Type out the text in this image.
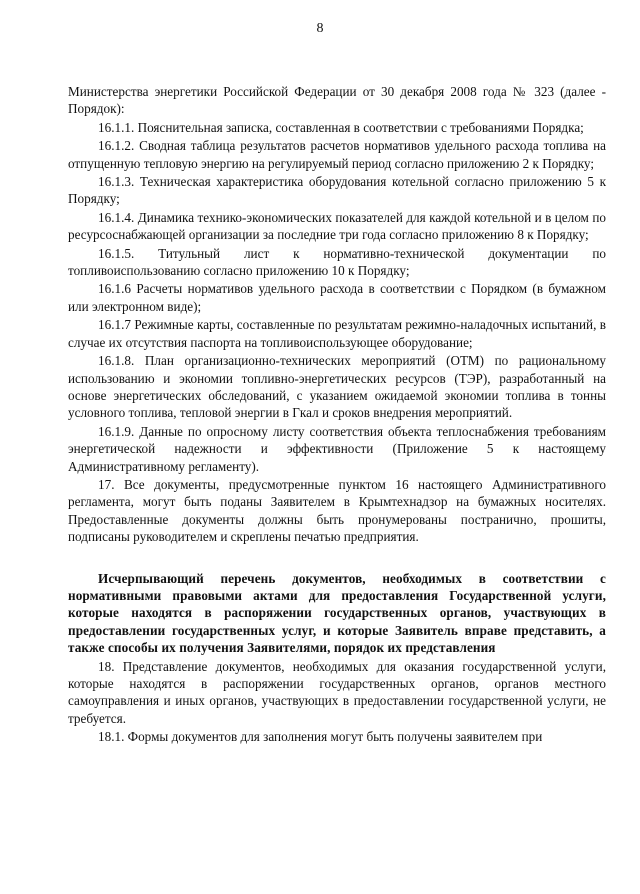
8

Министерства энергетики Российской Федерации от 30 декабря 2008 года № 323 (далее - Порядок):

16.1.1. Пояснительная записка, составленная в соответствии с требованиями Порядка;

16.1.2. Сводная таблица результатов расчетов нормативов удельного расхода топлива на отпущенную тепловую энергию на регулируемый период согласно приложению 2 к Порядку;

16.1.3. Техническая характеристика оборудования котельной согласно приложению 5 к Порядку;

16.1.4. Динамика технико-экономических показателей для каждой котельной и в целом по ресурсоснабжающей организации за последние три года согласно приложению 8 к Порядку;

16.1.5. Титульный лист к нормативно-технической документации по топливоиспользованию согласно приложению 10 к Порядку;

16.1.6 Расчеты нормативов удельного расхода в соответствии с Порядком (в бумажном или электронном виде);

16.1.7 Режимные карты, составленные по результатам режимно-наладочных испытаний, в случае их отсутствия паспорта на топливоиспользующее оборудование;

16.1.8. План организационно-технических мероприятий (ОТМ) по рациональному использованию и экономии топливно-энергетических ресурсов (ТЭР), разработанный на основе энергетических обследований, с указанием ожидаемой экономии топлива в тонны условного топлива, тепловой энергии в Гкал и сроков внедрения мероприятий.

16.1.9. Данные по опросному листу соответствия объекта теплоснабжения требованиям энергетической надежности и эффективности (Приложение 5 к настоящему Административному регламенту).

17. Все документы, предусмотренные пунктом 16 настоящего Административного регламента, могут быть поданы Заявителем в Крымтехнадзор на бумажных носителях. Предоставленные документы должны быть пронумерованы постранично, прошиты, подписаны руководителем и скреплены печатью предприятия.

Исчерпывающий перечень документов, необходимых в соответствии с нормативными правовыми актами для предоставления Государственной услуги, которые находятся в распоряжении государственных органов, участвующих в предоставлении государственных услуг, и которые Заявитель вправе представить, а также способы их получения Заявителями, порядок их представления

18. Представление документов, необходимых для оказания государственной услуги, которые находятся в распоряжении государственных органов, органов местного самоуправления и иных органов, участвующих в предоставлении государственной услуги, не требуется.

18.1. Формы документов для заполнения могут быть получены заявителем при
